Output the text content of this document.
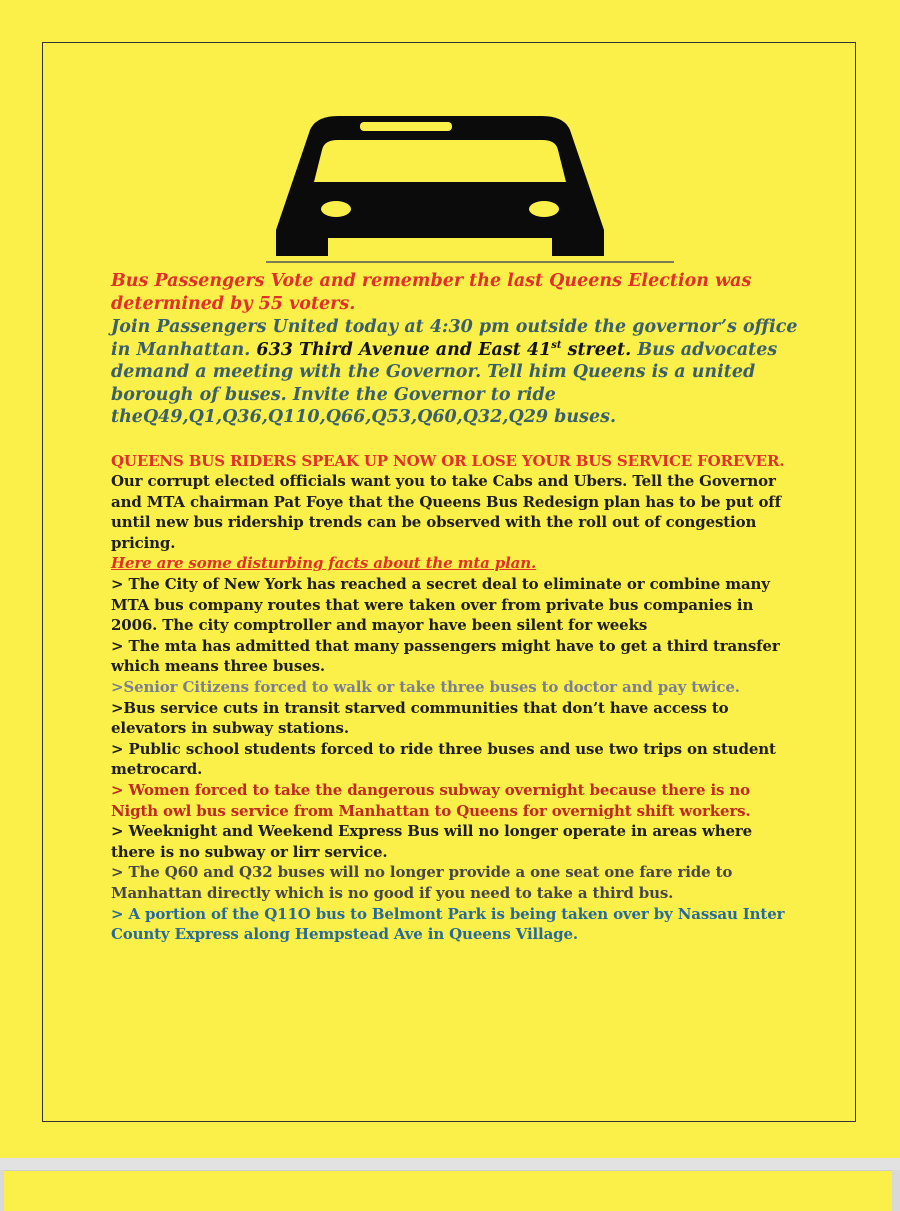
Bus Passengers Vote and remember the last Queens Election was determined by 55 voters.

Join Passengers United today at 4:30 pm outside the governor’s office in Manhattan. 633 Third Avenue and East 41st street. Bus advocates demand a meeting with the Governor. Tell him Queens is a united borough of buses. Invite the Governor to ride theQ49,Q1,Q36,Q110,Q66,Q53,Q60,Q32,Q29 buses.

QUEENS BUS RIDERS SPEAK UP NOW OR LOSE YOUR BUS SERVICE FOREVER. Our corrupt elected officials want you to take Cabs and Ubers. Tell the Governor and MTA chairman Pat Foye that the Queens Bus Redesign plan has to be put off until new bus ridership trends can be observed with the roll out of congestion pricing.

Here are some disturbing facts about the mta plan.

> The City of New York has reached a secret deal to eliminate or combine many MTA bus company routes that were taken over from private bus companies in 2006. The city comptroller and mayor have been silent for weeks

> The mta has admitted that many passengers might have to get a third transfer which means three buses.

>Senior Citizens forced to walk or take three buses to doctor and pay twice.

>Bus service cuts in transit starved communities that don’t have access to elevators in subway stations.

> Public school students forced to ride three buses and use two trips on student metrocard.

> Women forced to take the dangerous subway overnight because there is no Nigth owl bus service from Manhattan to Queens for overnight shift workers.

> Weeknight and Weekend Express Bus will no longer operate in areas where there is no subway or lirr service.

> The Q60 and Q32 buses will no longer provide a one seat one fare ride to Manhattan directly which is no good if you need to take a third bus.

> A portion of the Q11O bus to Belmont Park is being taken over by Nassau Inter County Express along Hempstead Ave in Queens Village.
